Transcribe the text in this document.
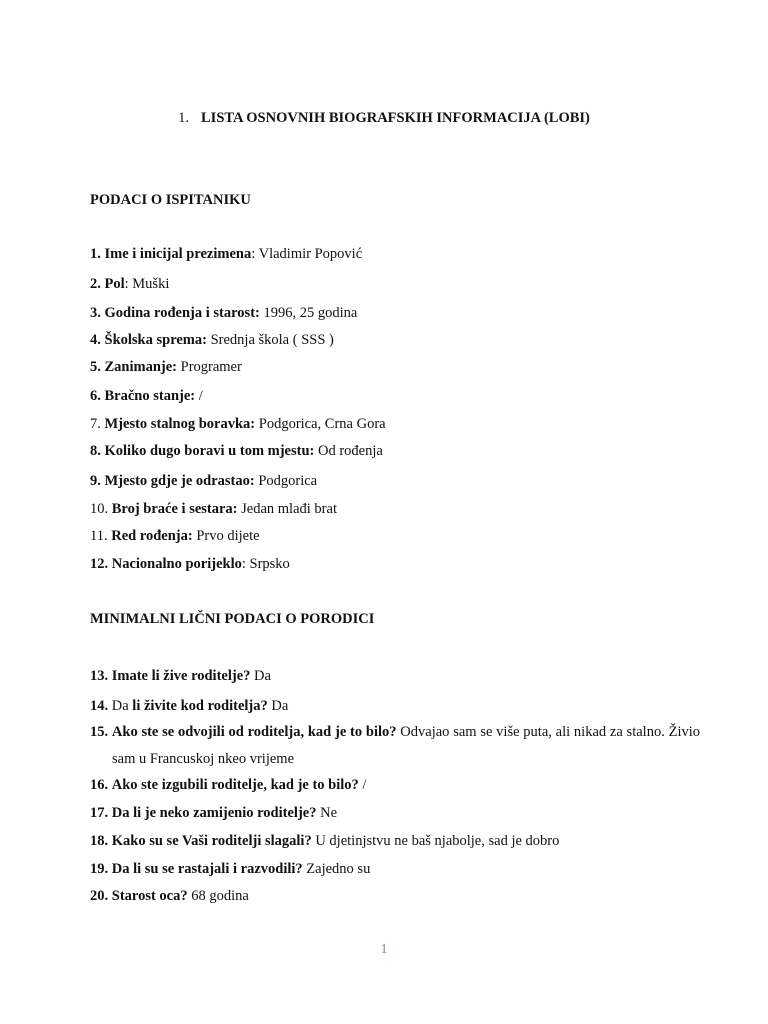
1. LISTA OSNOVNIH BIOGRAFSKIH INFORMACIJA (LOBI)
PODACI O ISPITANIKU
1. Ime i inicijal prezimena: Vladimir Popović
2. Pol: Muški
3. Godina rođenja i starost: 1996, 25 godina
4. Školska sprema: Srednja škola ( SSS )
5. Zanimanje: Programer
6. Bračno stanje: /
7. Mjesto stalnog boravka: Podgorica, Crna Gora
8. Koliko dugo boravi u tom mjestu: Od rođenja
9. Mjesto gdje je odrastao: Podgorica
10. Broj braće i sestara: Jedan mlađi brat
11. Red rođenja: Prvo dijete
12. Nacionalno porijeklo: Srpsko
MINIMALNI LIČNI PODACI O PORODICI
13. Imate li žive roditelje? Da
14. Da li živite kod roditelja? Da
15. Ako ste se odvojili od roditelja, kad je to bilo? Odvajao sam se više puta, ali nikad za stalno. Živio sam u Francuskoj nkeo vrijeme
16. Ako ste izgubili roditelje, kad je to bilo? /
17. Da li je neko zamijenio roditelje? Ne
18. Kako su se Vaši roditelji slagali? U djetinjstvu ne baš njabolje, sad je dobro
19. Da li su se rastajali i razvodili? Zajedno su
20. Starost oca? 68 godina
1
